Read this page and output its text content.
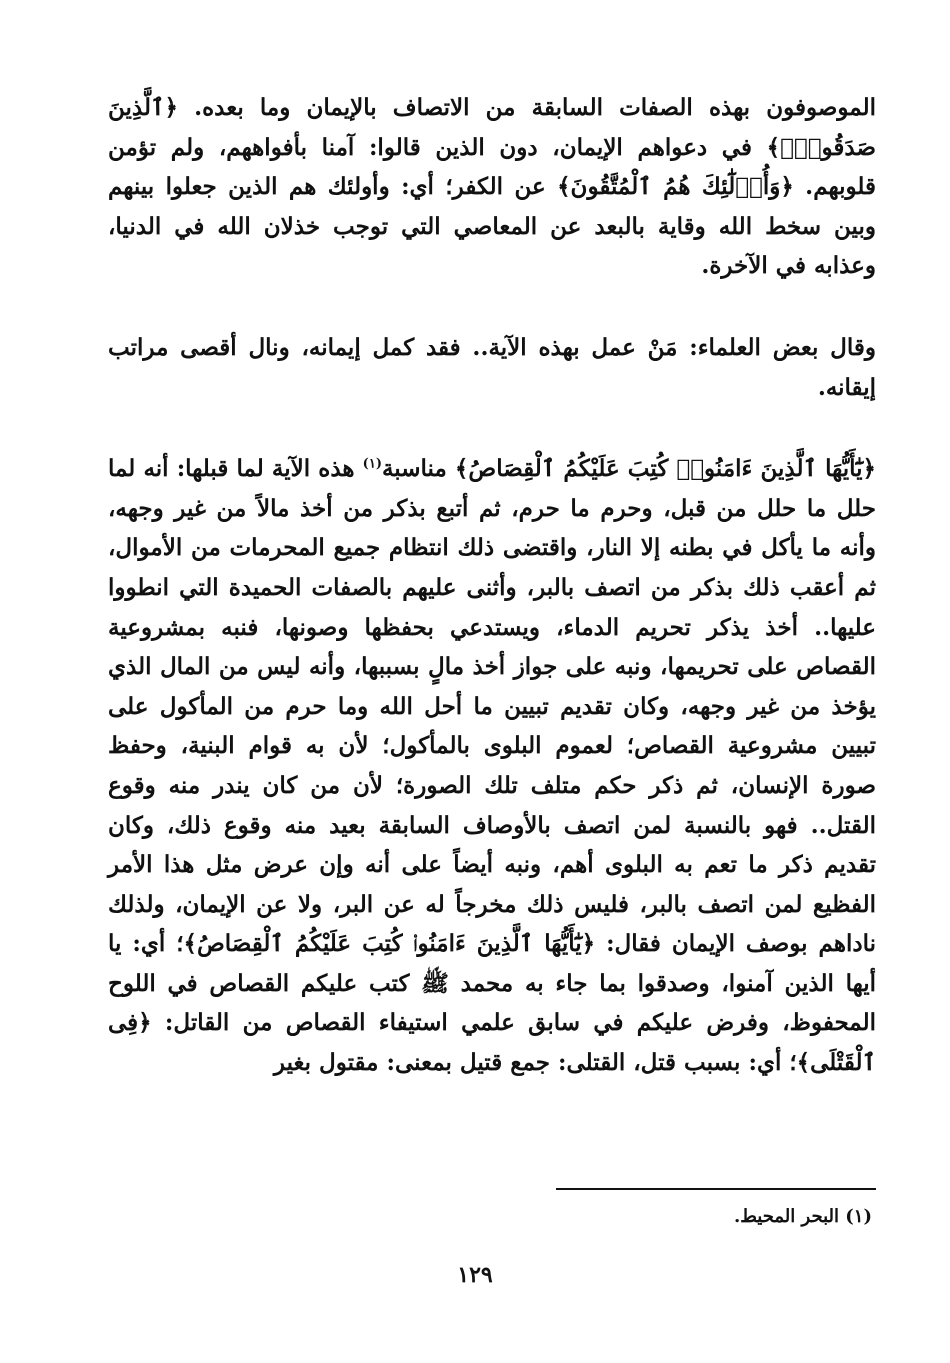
الموصوفون بهذه الصفات السابقة من الاتصاف بالإيمان وما بعده. ﴿ٱلَّذِينَ صَدَقُوا۟ۖ﴾ في دعواهم الإيمان، دون الذين قالوا: آمنا بأفواههم، ولم تؤمن قلوبهم. ﴿وَأُو۟لَٰٓئِكَ هُمُ ٱلْمُتَّقُونَ﴾ عن الكفر؛ أي: وأولئك هم الذين جعلوا بينهم وبين سخط الله وقاية بالبعد عن المعاصي التي توجب خذلان الله في الدنيا، وعذابه في الآخرة.

وقال بعض العلماء: مَنْ عمل بهذه الآية.. فقد كمل إيمانه، ونال أقصى مراتب إيقانه.

﴿يَٰٓأَيُّهَا ٱلَّذِينَ ءَامَنُوا۟ كُتِبَ عَلَيْكُمُ ٱلْقِصَاصُ﴾ مناسبة$^{(١)}$ هذه الآية لما قبلها: أنه لما حلل ما حلل من قبل، وحرم ما حرم، ثم أتبع بذكر من أخذ مالاً من غير وجهه، وأنه ما يأكل في بطنه إلا النار، واقتضى ذلك انتظام جميع المحرمات من الأموال، ثم أعقب ذلك بذكر من اتصف بالبر، وأثنى عليهم بالصفات الحميدة التي انطووا عليها.. أخذ يذكر تحريم الدماء، ويستدعي بحفظها وصونها، فنبه بمشروعية القصاص على تحريمها، ونبه على جواز أخذ مالٍ بسببها، وأنه ليس من المال الذي يؤخذ من غير وجهه، وكان تقديم تبيين ما أحل الله وما حرم من المأكول على تبيين مشروعية القصاص؛ لعموم البلوى بالمأكول؛ لأن به قوام البنية، وحفظ صورة الإنسان، ثم ذكر حكم متلف تلك الصورة؛ لأن من كان يندر منه وقوع القتل.. فهو بالنسبة لمن اتصف بالأوصاف السابقة بعيد منه وقوع ذلك، وكان تقديم ذكر ما تعم به البلوى أهم، ونبه أيضاً على أنه وإن عرض مثل هذا الأمر الفظيع لمن اتصف بالبر، فليس ذلك مخرجاً له عن البر، ولا عن الإيمان، ولذلك ناداهم بوصف الإيمان فقال: ﴿يَٰٓأَيُّهَا ٱلَّذِينَ ءَامَنُوا۟ كُتِبَ عَلَيْكُمُ ٱلْقِصَاصُ﴾؛ أي: يا أيها الذين آمنوا، وصدقوا بما جاء به محمد ﷺ كتب عليكم القصاص في اللوح المحفوظ، وفرض عليكم في سابق علمي استيفاء القصاص من القاتل: ﴿فِى ٱلْقَتْلَى﴾؛ أي: بسبب قتل، القتلى: جمع قتيل بمعنى: مقتول بغير

(١) البحر المحيط.
١٢٩
